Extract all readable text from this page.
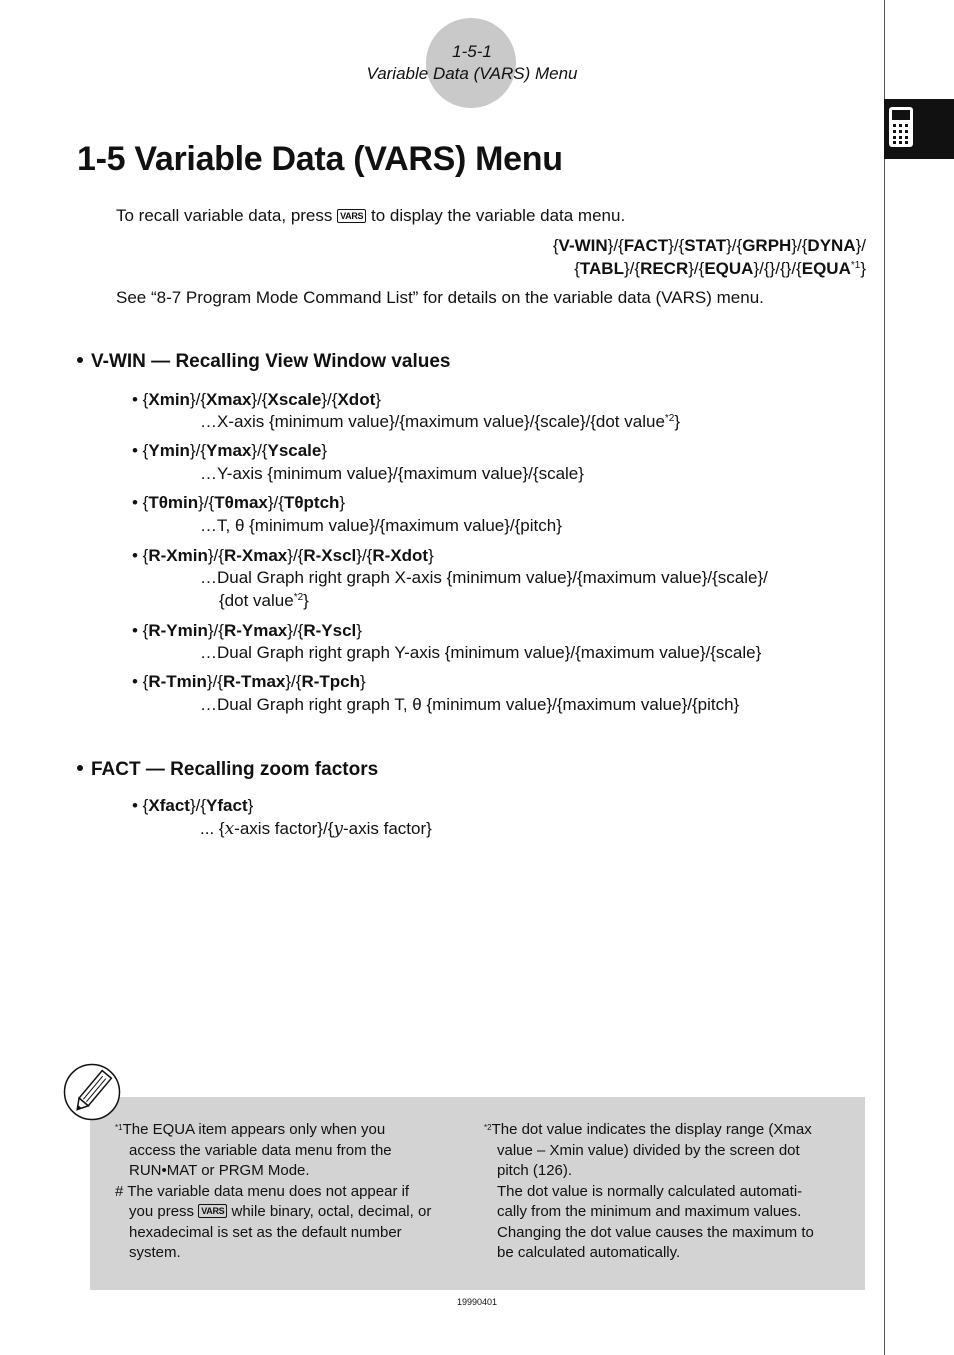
1-5-1
Variable Data (VARS) Menu
1-5 Variable Data (VARS) Menu
To recall variable data, press VARS to display the variable data menu.
{V-WIN}/{FACT}/{STAT}/{GRPH}/{DYNA}/
{TABL}/{RECR}/{EQUA}/{}/{}/{EQUA$^{*1}$}
See “8-7 Program Mode Command List” for details on the variable data (VARS) menu.
V-WIN — Recalling View Window values
• {Xmin}/{Xmax}/{Xscale}/{Xdot}
…X-axis {minimum value}/{maximum value}/{scale}/{dot value$^{*2}$}
• {Ymin}/{Ymax}/{Yscale}
…Y-axis {minimum value}/{maximum value}/{scale}
• {Tθmin}/{Tθmax}/{Tθptch}
…T, θ {minimum value}/{maximum value}/{pitch}
• {R-Xmin}/{R-Xmax}/{R-Xscl}/{R-Xdot}
…Dual Graph right graph X-axis {minimum value}/{maximum value}/{scale}/
{dot value$^{*2}$}
• {R-Ymin}/{R-Ymax}/{R-Yscl}
…Dual Graph right graph Y-axis {minimum value}/{maximum value}/{scale}
• {R-Tmin}/{R-Tmax}/{R-Tpch}
…Dual Graph right graph T, θ {minimum value}/{maximum value}/{pitch}
FACT — Recalling zoom factors
• {Xfact}/{Yfact}
... {x-axis factor}/{y-axis factor}
$^{*1}$The EQUA item appears only when you
access the variable data menu from the
RUN•MAT or PRGM Mode.
# The variable data menu does not appear if
you press VARS while binary, octal, decimal, or
hexadecimal is set as the default number
system.
$^{*2}$The dot value indicates the display range (Xmax
value – Xmin value) divided by the screen dot
pitch (126).
The dot value is normally calculated automati-
cally from the minimum and maximum values.
Changing the dot value causes the maximum to
be calculated automatically.
19990401
